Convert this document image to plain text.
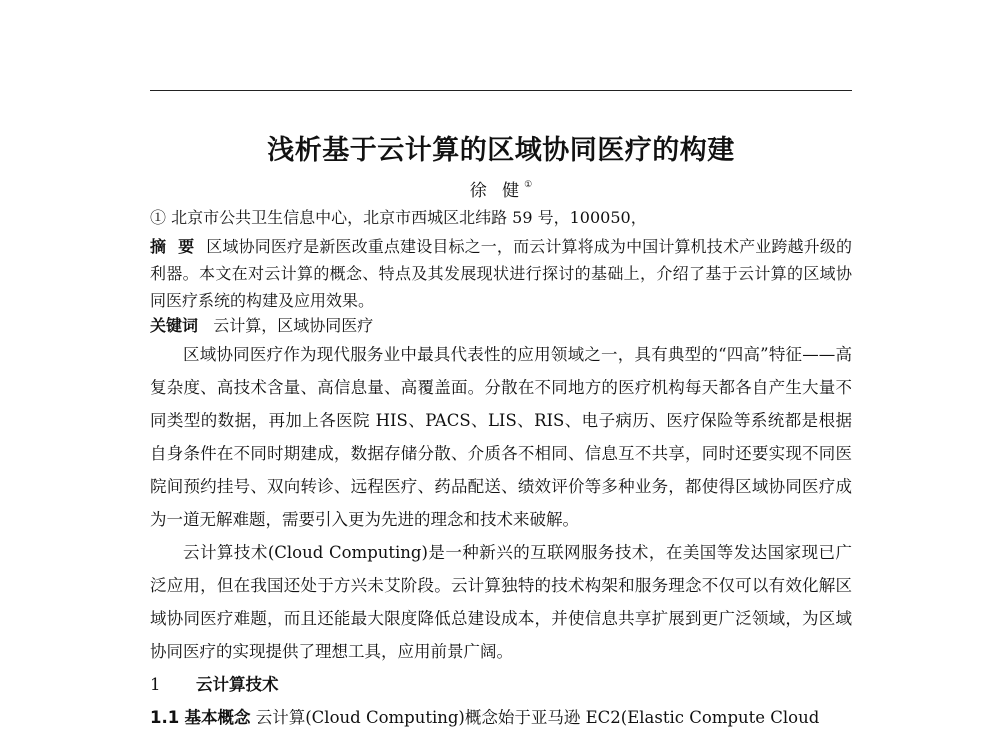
浅析基于云计算的区域协同医疗的构建
徐 健①
① 北京市公共卫生信息中心，北京市西城区北纬路 59 号，100050，
摘要区域协同医疗是新医改重点建设目标之一，而云计算将成为中国计算机技术产业跨越升级的利器。本文在对云计算的概念、特点及其发展现状进行探讨的基础上，介绍了基于云计算的区域协同医疗系统的构建及应用效果。
关键词 云计算，区域协同医疗

区域协同医疗作为现代服务业中最具代表性的应用领域之一，具有典型的“四高”特征——高复杂度、高技术含量、高信息量、高覆盖面。分散在不同地方的医疗机构每天都各自产生大量不同类型的数据，再加上各医院 HIS、PACS、LIS、RIS、电子病历、医疗保险等系统都是根据自身条件在不同时期建成，数据存储分散、介质各不相同、信息互不共享，同时还要实现不同医院间预约挂号、双向转诊、远程医疗、药品配送、绩效评价等多种业务，都使得区域协同医疗成为一道无解难题，需要引入更为先进的理念和技术来破解。

云计算技术(Cloud Computing)是一种新兴的互联网服务技术，在美国等发达国家现已广泛应用，但在我国还处于方兴未艾阶段。云计算独特的技术构架和服务理念不仅可以有效化解区域协同医疗难题，而且还能最大限度降低总建设成本，并使信息共享扩展到更广泛领域，为区域协同医疗的实现提供了理想工具，应用前景广阔。

1 云计算技术
1.1 基本概念 云计算(Cloud Computing)概念始于亚马逊 EC2(Elastic Compute Cloud
